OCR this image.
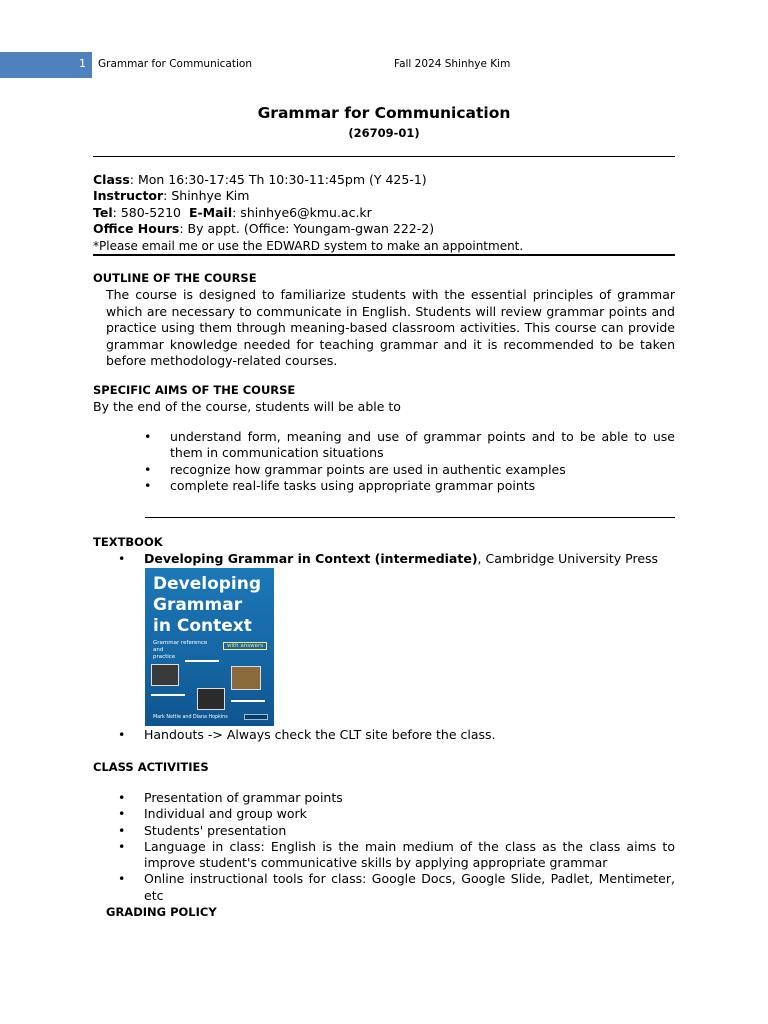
1 Grammar for Communication	Fall 2024 Shinhye Kim
Grammar for Communication
(26709-01)
Class: Mon 16:30-17:45 Th 10:30-11:45pm (Y 425-1)
Instructor: Shinhye Kim
Tel: 580-5210  E-Mail: shinhye6@kmu.ac.kr
Office Hours: By appt. (Office: Youngam-gwan 222-2)
*Please email me or use the EDWARD system to make an appointment.
OUTLINE OF THE COURSE
The course is designed to familiarize students with the essential principles of grammar which are necessary to communicate in English. Students will review grammar points and practice using them through meaning-based classroom activities. This course can provide grammar knowledge needed for teaching grammar and it is recommended to be taken before methodology-related courses.
SPECIFIC AIMS OF THE COURSE
By the end of the course, students will be able to
• understand form, meaning and use of grammar points and to be able to use them in communication situations
• recognize how grammar points are used in authentic examples
• complete real-life tasks using appropriate grammar points
TEXTBOOK
• Developing Grammar in Context (intermediate), Cambridge University Press
Developing
Grammar
in Context
Grammar reference and
practice
with answers
Mark Nettle and Diana Hopkins
• Handouts -> Always check the CLT site before the class.
CLASS ACTIVITIES
• Presentation of grammar points
• Individual and group work
• Students' presentation
• Language in class: English is the main medium of the class as the class aims to improve student's communicative skills by applying appropriate grammar
• Online instructional tools for class: Google Docs, Google Slide, Padlet, Mentimeter, etc
GRADING POLICY
